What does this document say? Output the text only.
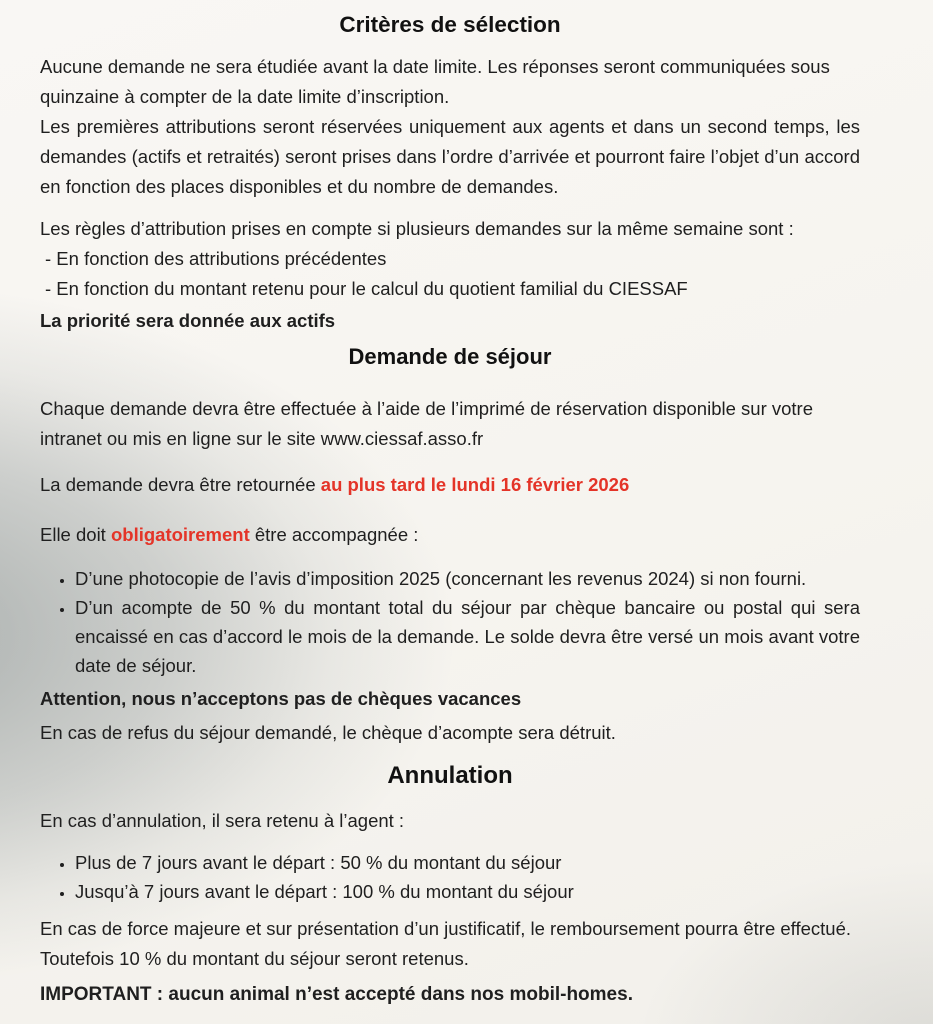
Critères de sélection

Aucune demande ne sera étudiée avant la date limite. Les réponses seront communiquées sous quinzaine à compter de la date limite d’inscription.

Les premières attributions seront réservées uniquement aux agents et dans un second temps, les demandes (actifs et retraités) seront prises dans l’ordre d’arrivée et pourront faire l’objet d’un accord en fonction des places disponibles et du nombre de demandes.

Les règles d’attribution prises en compte si plusieurs demandes sur la même semaine sont :

- En fonction des attributions précédentes

- En fonction du montant retenu pour le calcul du quotient familial du CIESSAF

La priorité sera donnée aux actifs

Demande de séjour

Chaque demande devra être effectuée à l’aide de l’imprimé de réservation disponible sur votre intranet ou mis en ligne sur le site www.ciessaf.asso.fr

La demande devra être retournée au plus tard le lundi 16 février 2026

Elle doit obligatoirement être accompagnée :

• D’une photocopie de l’avis d’imposition 2025 (concernant les revenus 2024) si non fourni.
• D’un acompte de 50 % du montant total du séjour par chèque bancaire ou postal qui sera encaissé en cas d’accord le mois de la demande. Le solde devra être versé un mois avant votre date de séjour.

Attention, nous n’acceptons pas de chèques vacances

En cas de refus du séjour demandé, le chèque d’acompte sera détruit.

Annulation

En cas d’annulation, il sera retenu à l’agent :

• Plus de 7 jours avant le départ : 50 % du montant du séjour
• Jusqu’à 7 jours avant le départ : 100 % du montant du séjour

En cas de force majeure et sur présentation d’un justificatif, le remboursement pourra être effectué. Toutefois 10 % du montant du séjour seront retenus.

IMPORTANT : aucun animal n’est accepté dans nos mobil-homes.
